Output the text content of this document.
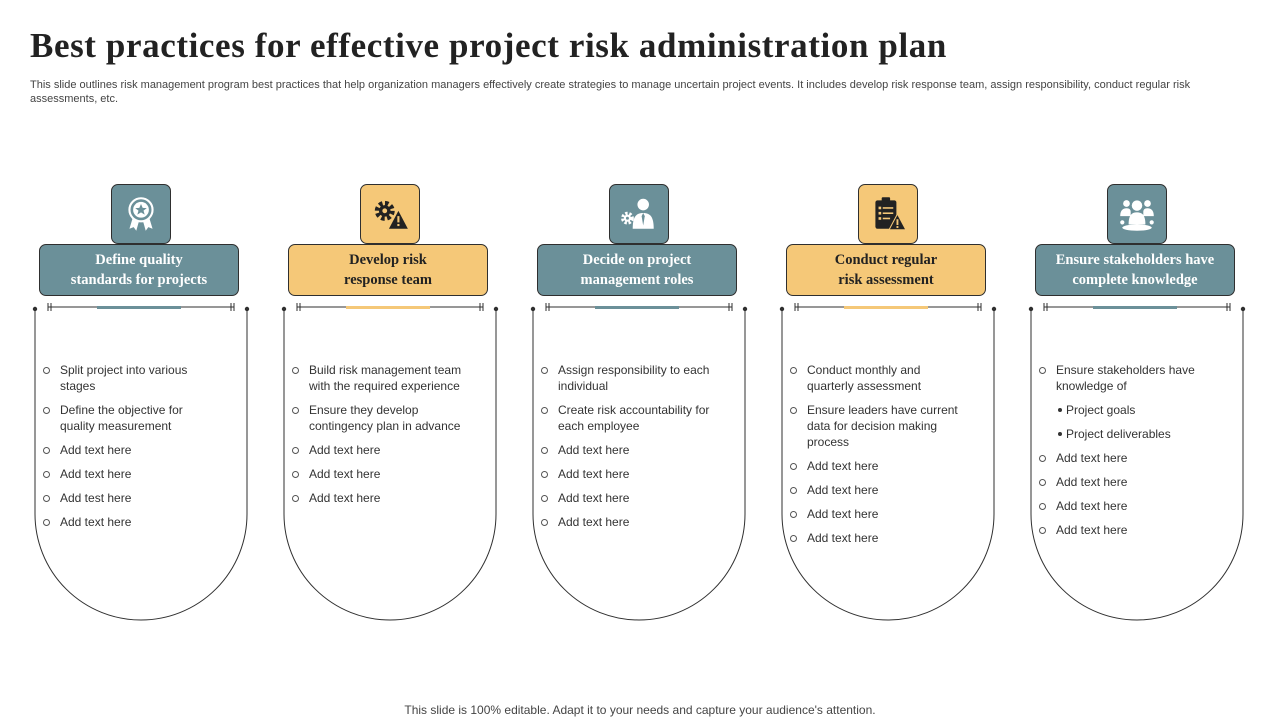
Best practices for effective project risk administration plan

This slide outlines risk management program best practices that help organization managers effectively create strategies to manage uncertain project events. It includes develop risk response team, assign responsibility, conduct regular risk assessments, etc.

Define quality
standards for projects
Split project into various stages
Define the objective for quality measurement
Add text here
Add text here
Add test here
Add text here
Develop risk
response team
Build risk management team with the required experience
Ensure they develop contingency plan in advance
Add text here
Add text here
Add text here
Decide on project
management roles
Assign responsibility to each individual
Create risk accountability for each employee
Add text here
Add text here
Add text here
Add text here
Conduct regular
risk assessment
Conduct monthly and quarterly assessment
Ensure leaders have current data for decision making process
Add text here
Add text here
Add text here
Add text here
Ensure stakeholders have
complete knowledge
Ensure stakeholders have knowledge of
Project goals
Project deliverables
Add text here
Add text here
Add text here
Add text here
This slide is 100% editable. Adapt it to your needs and capture your audience's attention.
